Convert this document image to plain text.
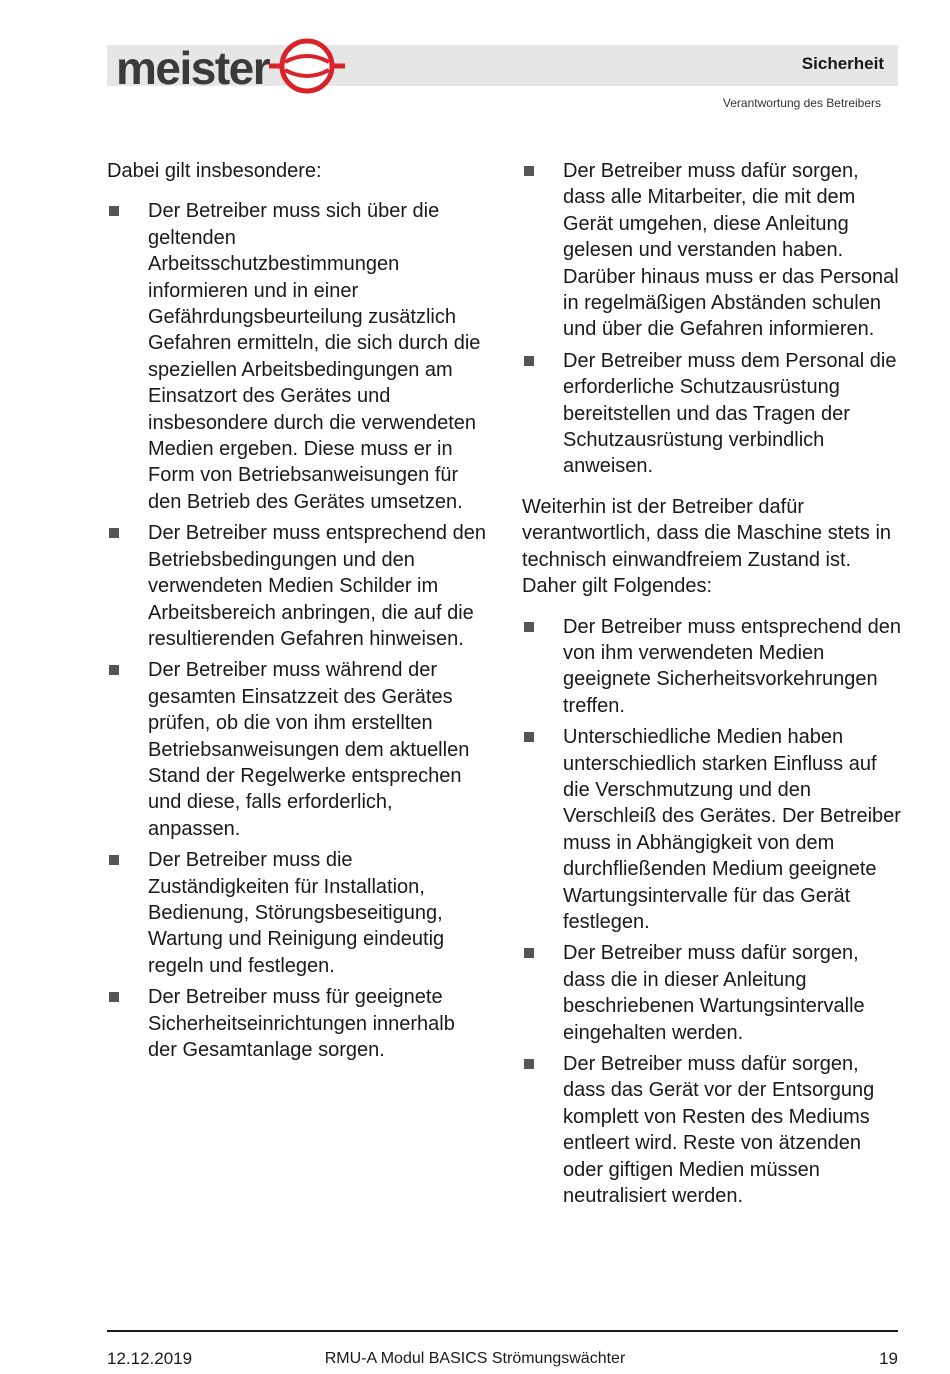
meister	Sicherheit
Verantwortung des Betreibers

Dabei gilt insbesondere:

Der Betreiber muss sich über die geltenden Arbeitsschutzbestimmungen informieren und in einer Gefährdungsbeurteilung zusätzlich Gefahren ermitteln, die sich durch die speziellen Arbeitsbedingungen am Einsatzort des Gerätes und insbesondere durch die verwendeten Medien ergeben. Diese muss er in Form von Betriebsanweisungen für den Betrieb des Gerätes umsetzen.
Der Betreiber muss entsprechend den Betriebsbedingungen und den verwendeten Medien Schilder im Arbeitsbereich anbringen, die auf die resultierenden Gefahren hinweisen.
Der Betreiber muss während der gesamten Einsatzzeit des Gerätes prüfen, ob die von ihm erstellten Betriebsanweisungen dem aktuellen Stand der Regelwerke entsprechen und diese, falls erforderlich, anpassen.
Der Betreiber muss die Zuständigkeiten für Installation, Bedienung, Störungsbeseitigung, Wartung und Reinigung eindeutig regeln und festlegen.
Der Betreiber muss für geeignete Sicherheitseinrichtungen innerhalb der Gesamtanlage sorgen.
Der Betreiber muss dafür sorgen, dass alle Mitarbeiter, die mit dem Gerät umgehen, diese Anleitung gelesen und verstanden haben. Darüber hinaus muss er das Personal in regelmäßigen Abständen schulen und über die Gefahren informieren.
Der Betreiber muss dem Personal die erforderliche Schutzausrüstung bereitstellen und das Tragen der Schutzausrüstung verbindlich anweisen.

Weiterhin ist der Betreiber dafür verantwortlich, dass die Maschine stets in technisch einwandfreiem Zustand ist. Daher gilt Folgendes:

Der Betreiber muss entsprechend den von ihm verwendeten Medien geeignete Sicherheitsvorkehrungen treffen.
Unterschiedliche Medien haben unterschiedlich starken Einfluss auf die Verschmutzung und den Verschleiß des Gerätes. Der Betreiber muss in Abhängigkeit von dem durchfließenden Medium geeignete Wartungsintervalle für das Gerät festlegen.
Der Betreiber muss dafür sorgen, dass die in dieser Anleitung beschriebenen Wartungsintervalle eingehalten werden.
Der Betreiber muss dafür sorgen, dass das Gerät vor der Entsorgung komplett von Resten des Mediums entleert wird. Reste von ätzenden oder giftigen Medien müssen neutralisiert werden.
12.12.2019	RMU-A Modul BASICS Strömungswächter	19
